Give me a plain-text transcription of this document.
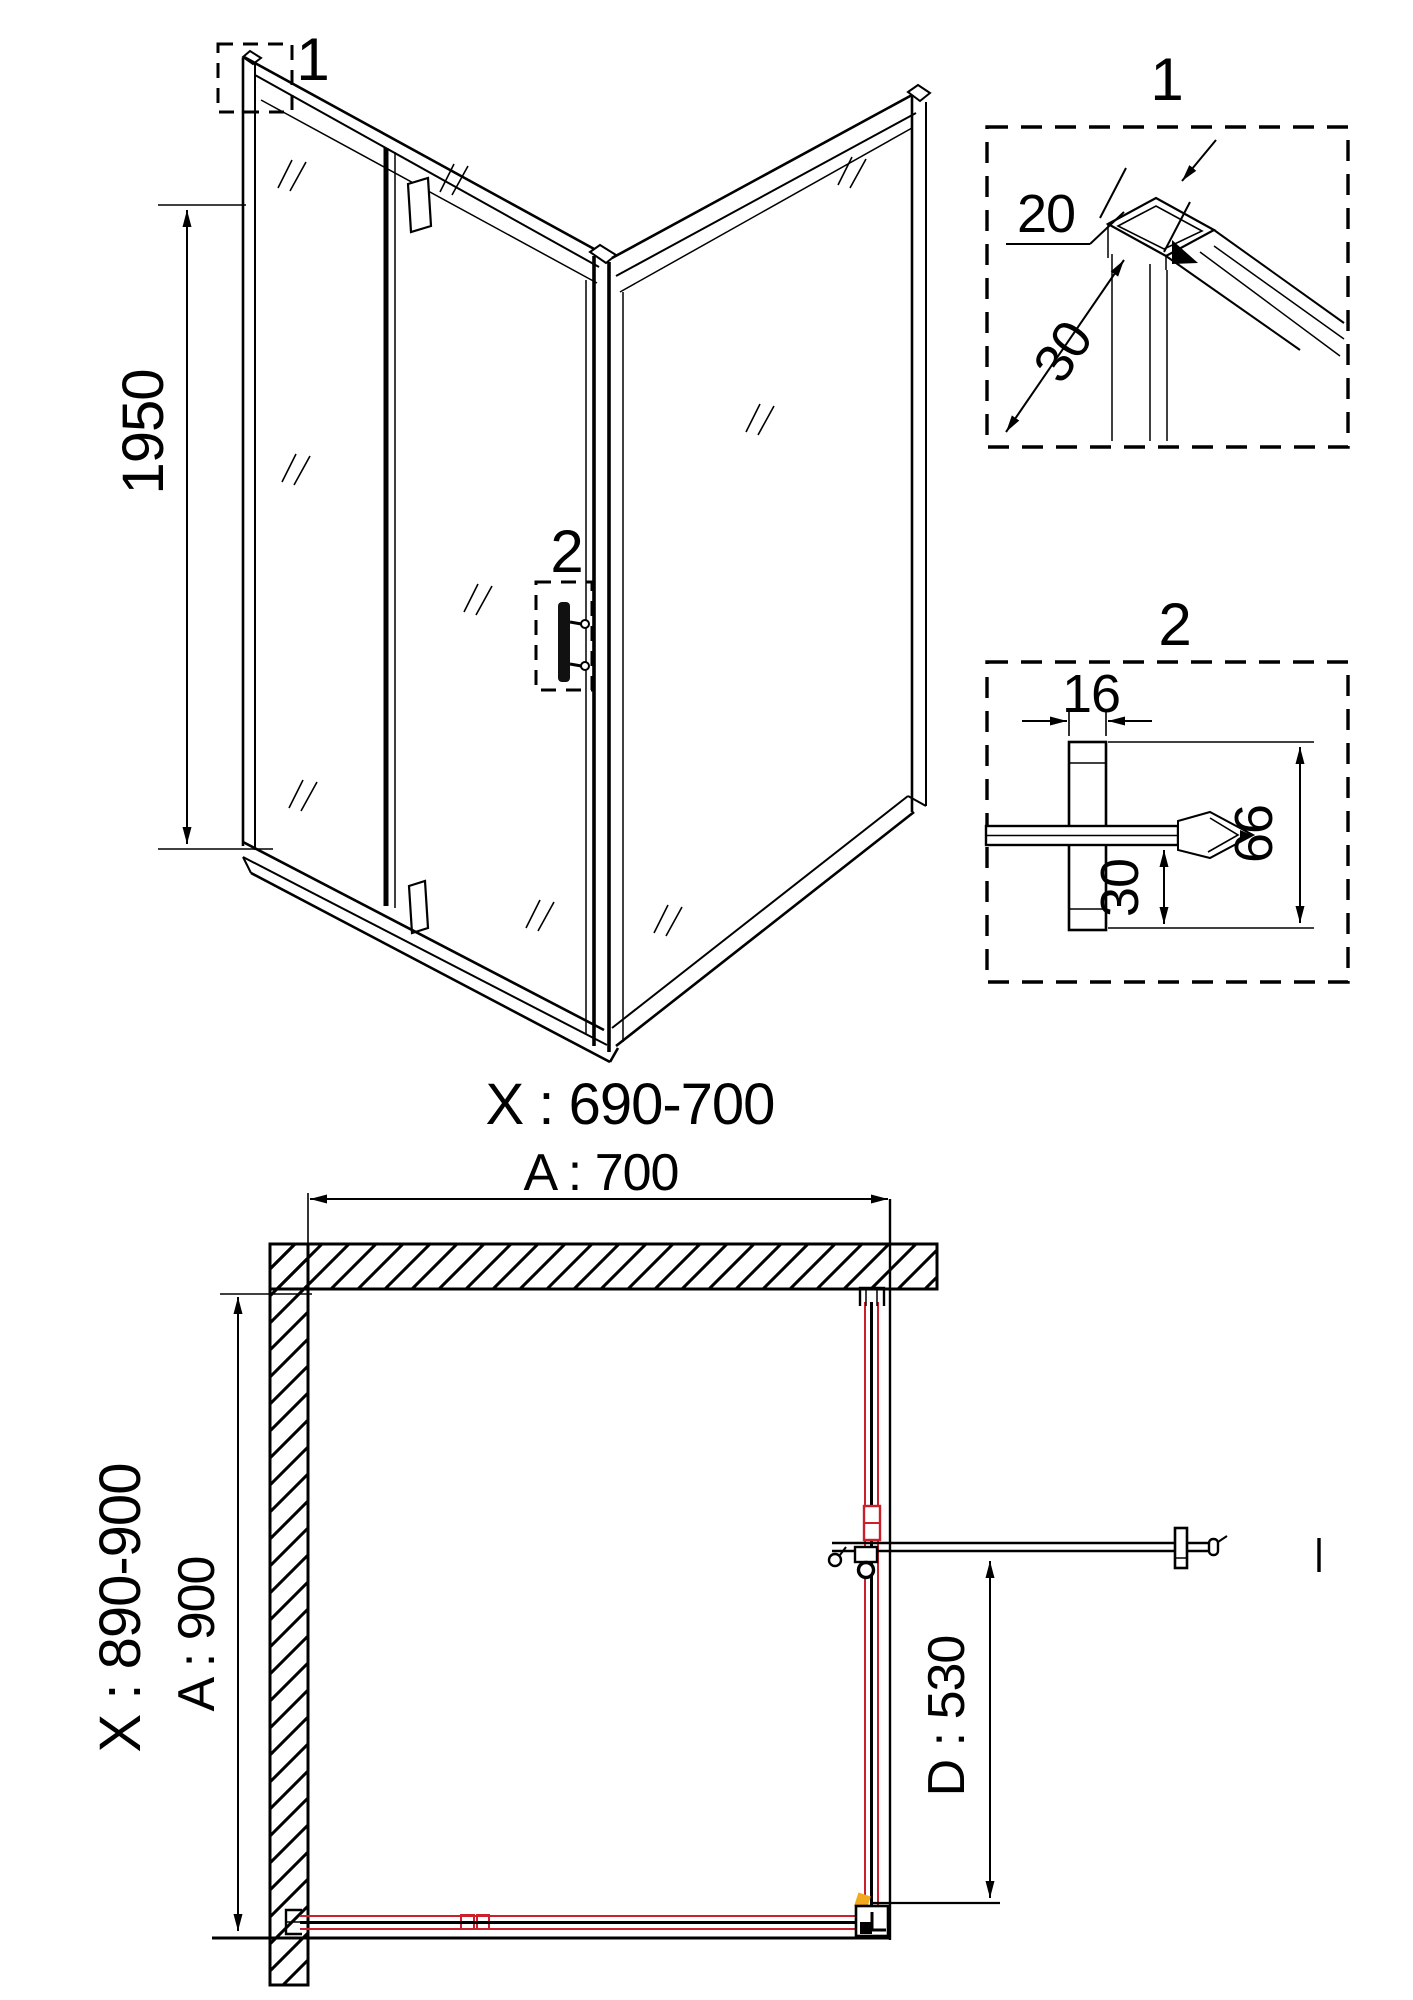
1950
1
2
X : 690-700
1
20
30
2
16
30
66
A : 700
X : 890-900 A : 900
D : 530
